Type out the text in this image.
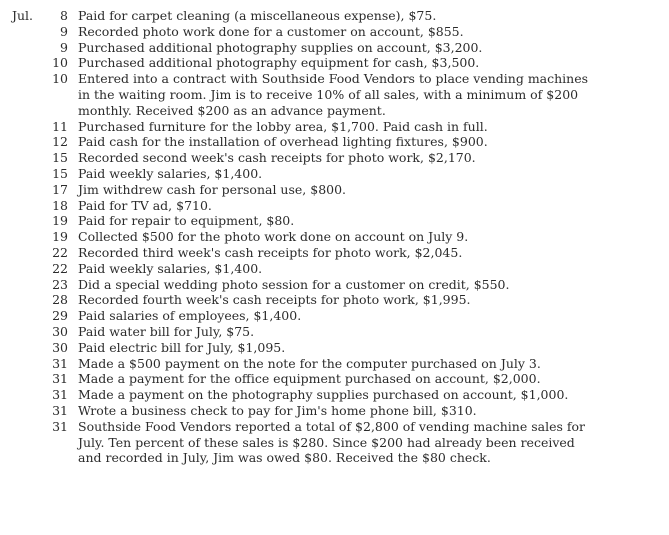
Jul.	8 Paid for carpet cleaning (a miscellaneous expense), $75.
9 Recorded photo work done for a customer on account, $855.
9 Purchased additional photography supplies on account, $3,200.
10 Purchased additional photography equipment for cash, $3,500.
10 Entered into a contract with Southside Food Vendors to place vending machines in the waiting room. Jim is to receive 10% of all sales, with a minimum of $200 monthly. Received $200 as an advance payment.
11 Purchased furniture for the lobby area, $1,700. Paid cash in full.
12 Paid cash for the installation of overhead lighting fixtures, $900.
15 Recorded second week's cash receipts for photo work, $2,170.
15 Paid weekly salaries, $1,400.
17 Jim withdrew cash for personal use, $800.
18 Paid for TV ad, $710.
19 Paid for repair to equipment, $80.
19 Collected $500 for the photo work done on account on July 9.
22 Recorded third week's cash receipts for photo work, $2,045.
22 Paid weekly salaries, $1,400.
23 Did a special wedding photo session for a customer on credit, $550.
28 Recorded fourth week's cash receipts for photo work, $1,995.
29 Paid salaries of employees, $1,400.
30 Paid water bill for July, $75.
30 Paid electric bill for July, $1,095.
31 Made a $500 payment on the note for the computer purchased on July 3.
31 Made a payment for the office equipment purchased on account, $2,000.
31 Made a payment on the photography supplies purchased on account, $1,000.
31 Wrote a business check to pay for Jim's home phone bill, $310.
31 Southside Food Vendors reported a total of $2,800 of vending machine sales for July. Ten percent of these sales is $280. Since $200 had already been received and recorded in July, Jim was owed $80. Received the $80 check.
